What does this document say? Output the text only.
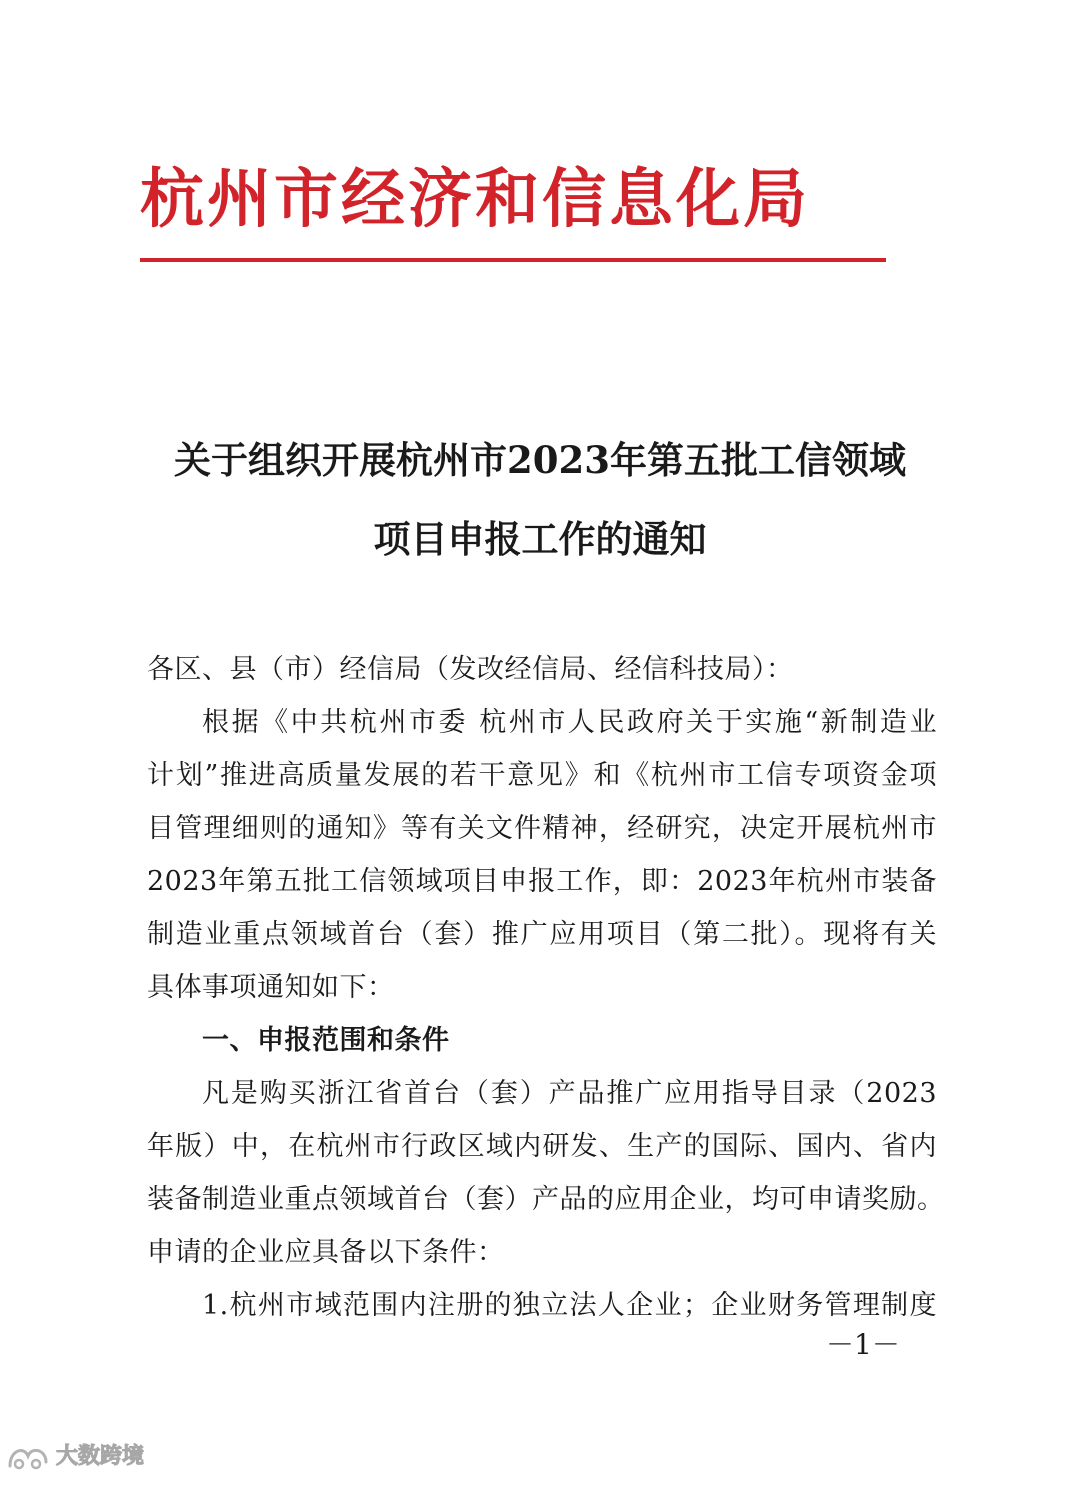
杭州市经济和信息化局
关于组织开展杭州市2023年第五批工信领域
项目申报工作的通知
各区、县（市）经信局（发改经信局、经信科技局）：
根据《中共杭州市委 杭州市人民政府关于实施“新制造业
计划”推进高质量发展的若干意见》和《杭州市工信专项资金项
目管理细则的通知》等有关文件精神，经研究，决定开展杭州市
2023年第五批工信领域项目申报工作，即：2023年杭州市装备
制造业重点领域首台（套）推广应用项目（第二批）。现将有关
具体事项通知如下：
一、申报范围和条件
凡是购买浙江省首台（套）产品推广应用指导目录（2023
年版）中，在杭州市行政区域内研发、生产的国际、国内、省内
装备制造业重点领域首台（套）产品的应用企业，均可申请奖励。
申请的企业应具备以下条件：
1.杭州市域范围内注册的独立法人企业；企业财务管理制度
－1－
大数跨境
